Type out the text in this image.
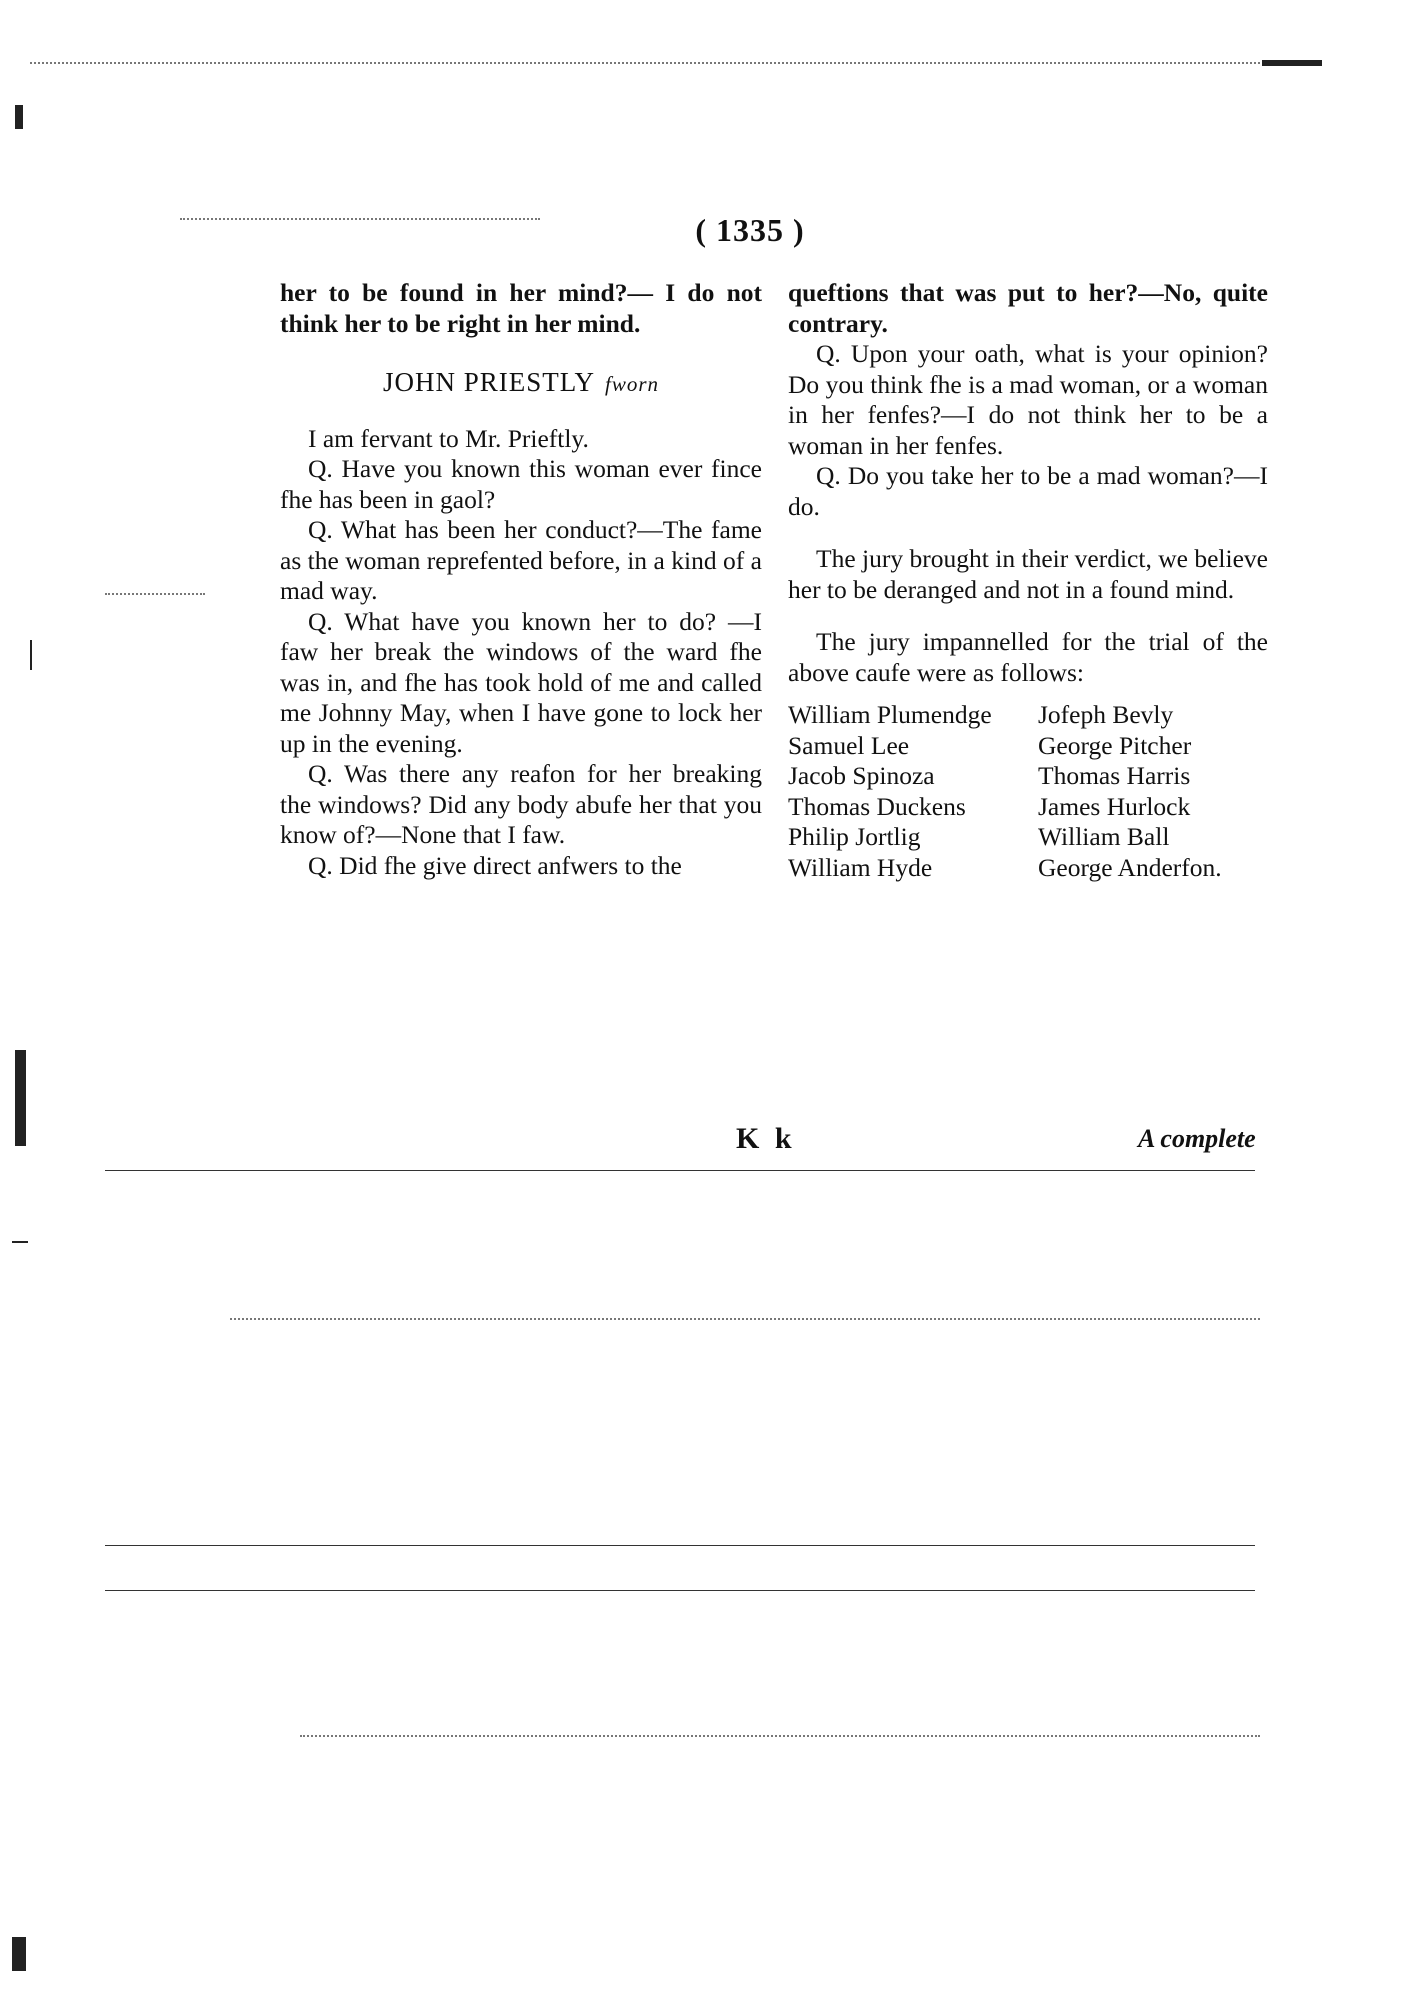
( 1335 )

her to be found in her mind?— I do not think her to be right in her mind.

JOHN PRIESTLY fworn

I am fervant to Mr. Prieftly.

Q. Have you known this woman ever fince fhe has been in gaol?

Q. What has been her conduct?—The fame as the woman reprefented before, in a kind of a mad way.

Q. What have you known her to do? —I faw her break the windows of the ward fhe was in, and fhe has took hold of me and called me Johnny May, when I have gone to lock her up in the evening.

Q. Was there any reafon for her breaking the windows? Did any body abufe her that you know of?—None that I faw.

Q. Did fhe give direct anfwers to the

queftions that was put to her?—No, quite contrary.

Q. Upon your oath, what is your opinion? Do you think fhe is a mad woman, or a woman in her fenfes?—I do not think her to be a woman in her fenfes.

Q. Do you take her to be a mad woman?—I do.

The jury brought in their verdict, we believe her to be deranged and not in a found mind.

The jury impannelled for the trial of the above caufe were as follows:

William Plumendge	Jofeph Bevly
Samuel Lee	George Pitcher
Jacob Spinoza	Thomas Harris
Thomas Duckens	James Hurlock
Philip Jortlig	William Ball
William Hyde	George Anderfon.
K k	A complete
